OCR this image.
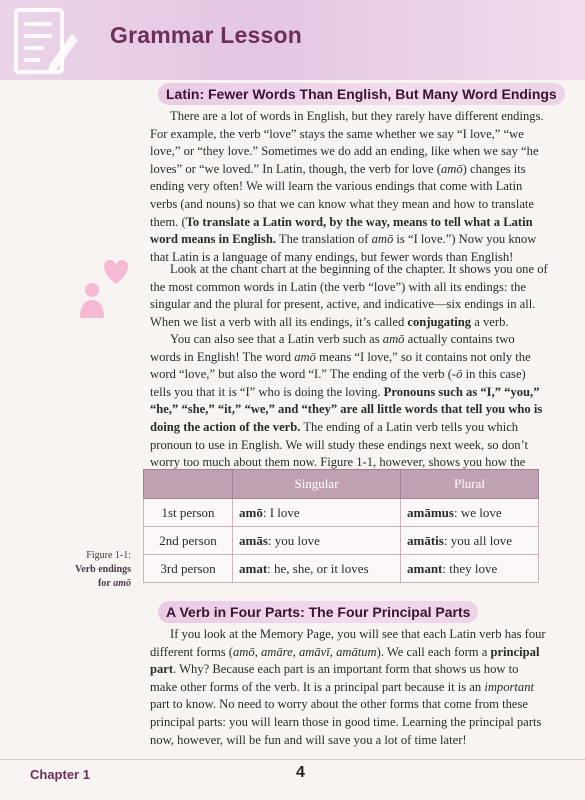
Grammar Lesson
Latin: Fewer Words Than English, But Many Word Endings

There are a lot of words in English, but they rarely have different endings. For example, the verb “love” stays the same whether we say “I love,” “we love,” or “they love.” Sometimes we do add an ending, like when we say “he loves” or “we loved.” In Latin, though, the verb for love (amō) changes its ending very often! We will learn the various endings that come with Latin verbs (and nouns) so that we can know what they mean and how to translate them. (To translate a Latin word, by the way, means to tell what a Latin word means in English. The translation of amō is “I love.”) Now you know that Latin is a language of many endings, but fewer words than English!

Look at the chant chart at the beginning of the chapter. It shows you one of the most common words in Latin (the verb “love”) with all its endings: the singular and the plural for present, active, and indicative—six endings in all. When we list a verb with all its endings, it’s called conjugating a verb.

You can also see that a Latin verb such as amō actually contains two words in English! The word amō means “I love,” so it contains not only the word “love,” but also the word “I.” The ending of the verb (-ō in this case) tells you that it is “I” who is doing the loving. Pronouns such as “I,” “you,” “he,” “she,” “it,” “we,” and “they” are all little words that tell you who is doing the action of the verb. The ending of a Latin verb tells you which pronoun to use in English. We will study these endings next week, so don’t worry too much about them now. Figure 1-1, however, shows you how the

	Singular	Plural
1st person	amō: I love	amāmus: we love
2nd person	amās: you love	amātis: you all love
3rd person	amat: he, she, or it loves	amant: they love
Figure 1-1:
Verb endings
for amō
A Verb in Four Parts: The Four Principal Parts

If you look at the Memory Page, you will see that each Latin verb has four different forms (amō, amāre, amāvī, amātum). We call each form a principal part. Why? Because each part is an important form that shows us how to make other forms of the verb. It is a principal part because it is an important part to know. No need to worry about the other forms that come from these principal parts: you will learn those in good time. Learning the principal parts now, however, will be fun and will save you a lot of time later!

Chapter 1	4
